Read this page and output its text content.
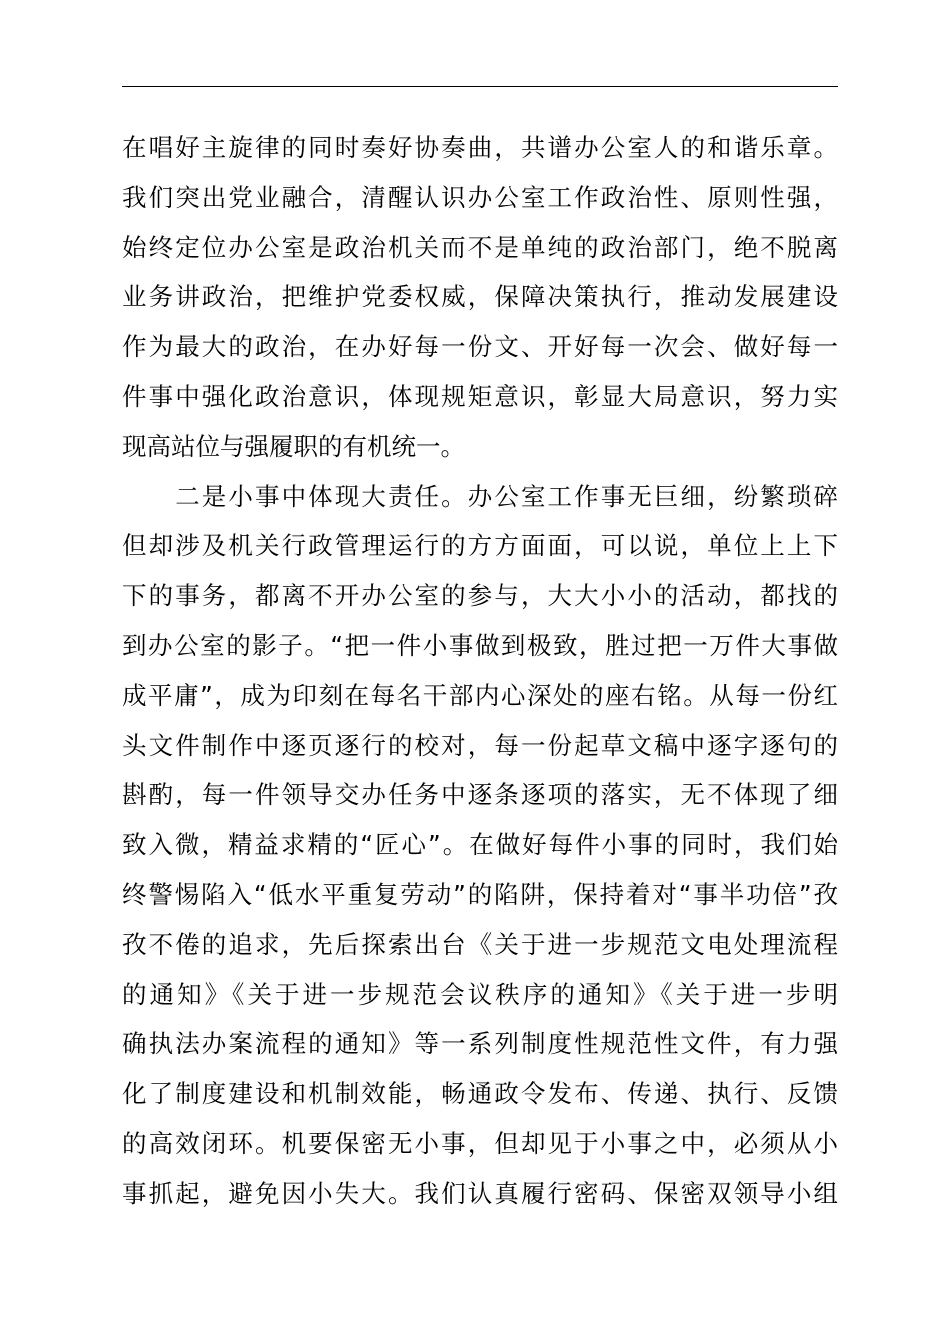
在唱好主旋律的同时奏好协奏曲，共谱办公室人的和谐乐章。
我们突出党业融合，清醒认识办公室工作政治性、原则性强，
始终定位办公室是政治机关而不是单纯的政治部门，绝不脱离
业务讲政治，把维护党委权威，保障决策执行，推动发展建设
作为最大的政治，在办好每一份文、开好每一次会、做好每一
件事中强化政治意识，体现规矩意识，彰显大局意识，努力实
现高站位与强履职的有机统一。
　　二是小事中体现大责任。办公室工作事无巨细，纷繁琐碎
但却涉及机关行政管理运行的方方面面，可以说，单位上上下
下的事务，都离不开办公室的参与，大大小小的活动，都找的
到办公室的影子。“把一件小事做到极致，胜过把一万件大事做
成平庸”，成为印刻在每名干部内心深处的座右铭。从每一份红
头文件制作中逐页逐行的校对，每一份起草文稿中逐字逐句的
斟酌，每一件领导交办任务中逐条逐项的落实，无不体现了细
致入微，精益求精的“匠心”。在做好每件小事的同时，我们始
终警惕陷入“低水平重复劳动”的陷阱，保持着对“事半功倍”孜
孜不倦的追求，先后探索出台《关于进一步规范文电处理流程
的通知》《关于进一步规范会议秩序的通知》《关于进一步明
确执法办案流程的通知》等一系列制度性规范性文件，有力强
化了制度建设和机制效能，畅通政令发布、传递、执行、反馈
的高效闭环。机要保密无小事，但却见于小事之中，必须从小
事抓起，避免因小失大。我们认真履行密码、保密双领导小组
